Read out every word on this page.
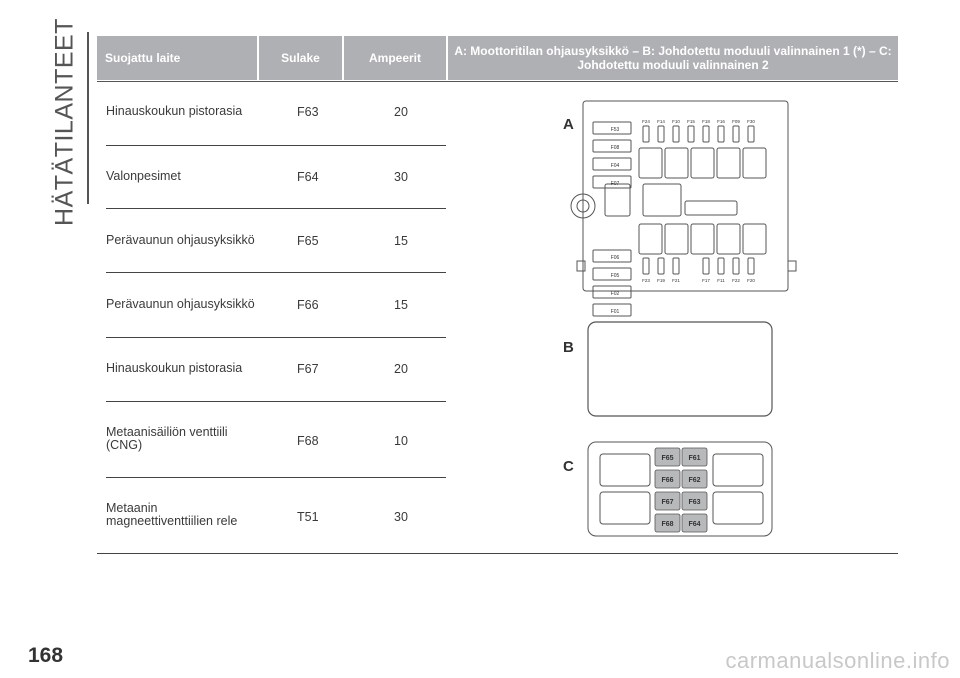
HÄTÄTILANTEET
168	carmanualsonline.info
Suojattu laite	Sulake	Ampeerit	A: Moottoritilan ohjausyksikkö – B: Johdotettu moduuli valinnainen 1 (*) – C: Johdotettu moduuli valinnainen 2
Hinauskoukun pistorasia	F63	20
Valonpesimet	F64	30
Perävaunun ohjausyksikkö	F65	15
Perävaunun ohjausyksikkö	F66	15
Hinauskoukun pistorasia	F67	20
Metaanisäiliön venttiili (CNG)	F68	10
Metaanin magneettiventtiilien rele	T51	30
A
B
C
F53
F08
F04
F07
F06
F05
F02
F01
F24 F14 F10 F15 F18 F16 F09 F30
F23 F19 F21	F17 F11 F22 F20
F65 F61
F66 F62
F67 F63
F68 F64
